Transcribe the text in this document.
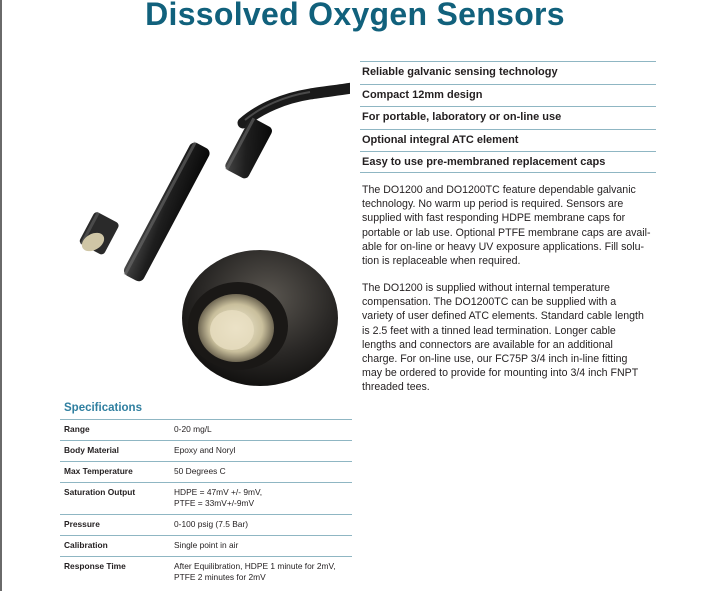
Dissolved Oxygen Sensors
Reliable galvanic sensing technology
Compact 12mm design
For portable, laboratory or on-line use
Optional integral ATC element
Easy to use pre-membraned replacement caps

The DO1200 and DO1200TC feature dependable galvanic
technology. No warm up period is required. Sensors are
supplied with fast responding HDPE membrane caps for
portable or lab use. Optional PTFE membrane caps are avail-
able for on-line or heavy UV exposure applications. Fill solu-
tion is replaceable when required.

The DO1200 is supplied without internal temperature
compensation. The DO1200TC can be supplied with a
variety of user defined ATC elements. Standard cable length
is 2.5 feet with a tinned lead termination. Longer cable
lengths and connectors are available for an additional
charge. For on-line use, our FC75P 3/4 inch in-line fitting
may be ordered to provide for mounting into 3/4 inch FNPT
threaded tees.

Specifications
Range	0-20 mg/L

Body Material	Epoxy and Noryl

Max Temperature	50 Degrees C

Saturation Output	HDPE = 47mV +/- 9mV,
PTFE = 33mV+/-9mV

Pressure	0-100 psig (7.5 Bar)

Calibration	Single point in air

Response Time	After Equilibration, HDPE 1 minute for 2mV,
PTFE 2 minutes for 2mV
